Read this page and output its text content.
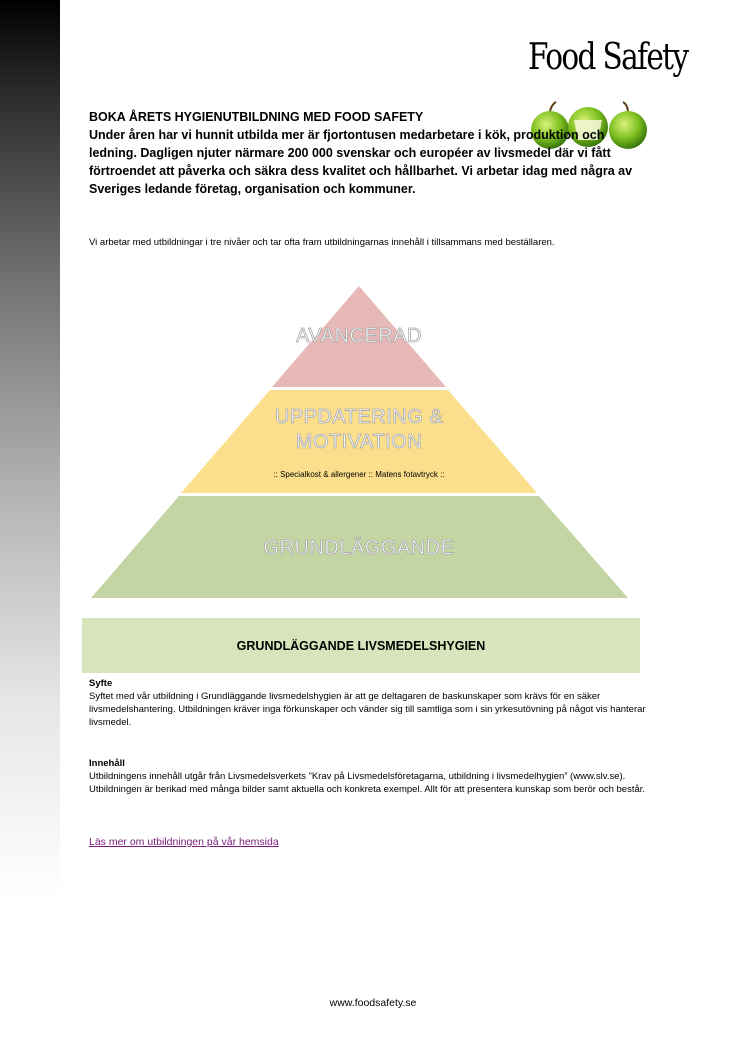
Food Safety
BOKA ÅRETS HYGIENUTBILDNING MED FOOD SAFETY
Under åren har vi hunnit utbilda mer är fjortontusen medarbetare i kök, produktion och ledning. Dagligen njuter närmare 200 000 svenskar och européer av livsmedel där vi fått förtroendet att påverka och säkra dess kvalitet och hållbarhet. Vi arbetar idag med några av Sveriges ledande företag, organisation och kommuner.
Vi arbetar med utbildningar i tre nivåer och tar ofta fram utbildningarnas innehåll i tillsammans med beställaren.
AVANCERAD
UPPDATERING &
MOTIVATION
:: Specialkost & allergener :: Matens fotavtryck ::
GRUNDLÄGGANDE
GRUNDLÄGGANDE LIVSMEDELSHYGIEN
Syfte
Syftet med vår utbildning i Grundläggande livsmedelshygien är att ge deltagaren de baskunskaper som krävs för en säker livsmedelshantering. Utbildningen kräver inga förkunskaper och vänder sig till samtliga som i sin yrkesutövning på något vis hanterar livsmedel.
Innehåll
Utbildningens innehåll utgår från Livsmedelsverkets ”Krav på Livsmedelsföretagarna, utbildning i livsmedelhygien” (www.slv.se). Utbildningen är berikad med många bilder samt aktuella och konkreta exempel. Allt för att presentera kunskap som berör och består.
Läs mer om utbildningen på vår hemsida
www.foodsafety.se
